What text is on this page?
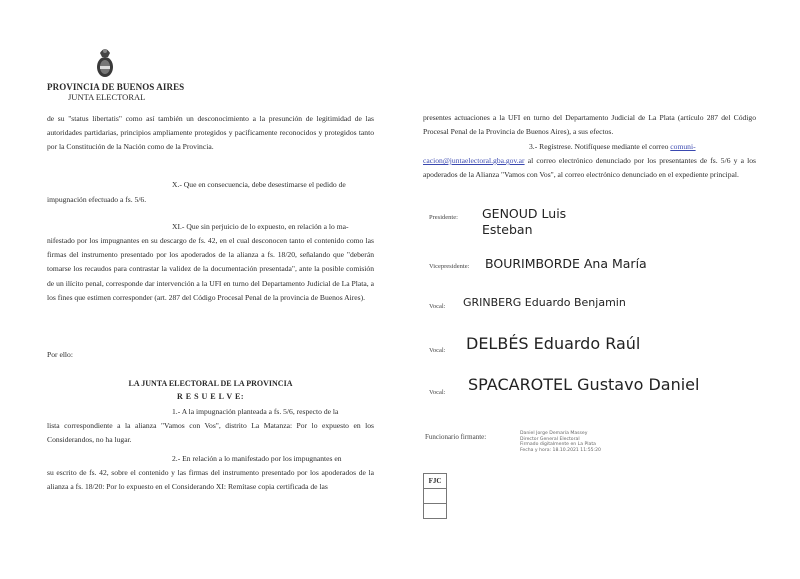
PROVINCIA DE BUENOS AIRES
JUNTA ELECTORAL
de su "status libertatis" como así también un desconocimiento a la presunción de legitimidad de las autoridades partidarias, principios ampliamente protegidos y pacíficamente reconocidos y protegidos tanto por la Constitución de la Nación como de la Provincia.
X.- Que en consecuencia, debe desestimarse el pedido de
impugnación efectuado a fs. 5/6.
XI.- Que sin perjuicio de lo expuesto, en relación a lo ma-
nifestado por los impugnantes en su descargo de fs. 42, en el cual desconocen tanto el contenido como las firmas del instrumento presentado por los apoderados de la alianza a fs. 18/20, señalando que "deberán tomarse los recaudos para contrastar la validez de la documentación presentada", ante la posible comisión de un ilícito penal, corresponde dar intervención a la UFI en turno del Departamento Judicial de La Plata, a los fines que estimen corresponder (art. 287 del Código Procesal Penal de la provincia de Buenos Aires).
Por ello:
LA JUNTA ELECTORAL DE LA PROVINCIA
R E S U E L V E:
1.- A la impugnación planteada a fs. 5/6, respecto de la
lista correspondiente a la alianza "Vamos con Vos", distrito La Matanza: Por lo expuesto en los Considerandos, no ha lugar.
2.- En relación a lo manifestado por los impugnantes en
su escrito de fs. 42, sobre el contenido y las firmas del instrumento presentado por los apoderados de la alianza a fs. 18/20: Por lo expuesto en el Considerando XI: Remítase copia certificada de las
presentes actuaciones a la UFI en turno del Departamento Judicial de La Plata (artículo 287 del Código Procesal Penal de la Provincia de Buenos Aires), a sus efectos.
3.- Regístrese. Notifíquese mediante el correo comuni-
cacion@juntaelectoral.gba.gov.ar al correo electrónico denunciado por los presentantes de fs. 5/6 y a los apoderados de la Alianza "Vamos con Vos", al correo electrónico denunciado en el expediente principal.
Presidente: GENOUD Luis
Esteban
Vicepresidente: BOURIMBORDE Ana María
Vocal: GRINBERG Eduardo Benjamin
Vocal: DELBÉS Eduardo Raúl
Vocal: SPACAROTEL Gustavo Daniel
Funcionario firmante:	Daniel Jorge Demaría Massey
Director General Electoral
Firmado digitalmente en La Plata
Fecha y hora: 18.10.2021 11:55:20
FJC
